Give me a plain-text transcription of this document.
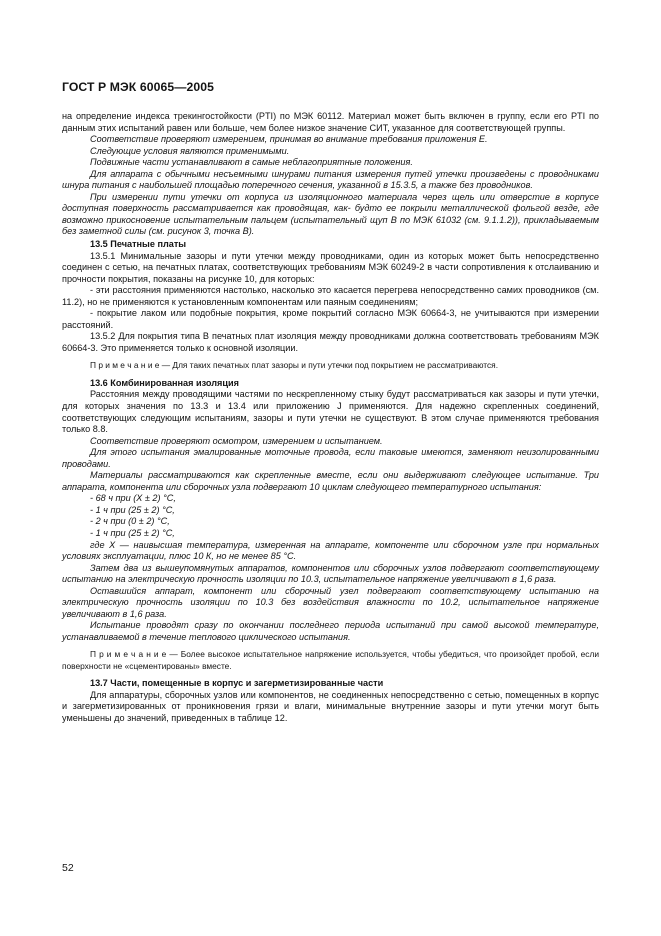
ГОСТ Р МЭК 60065—2005

на определение индекса трекингостойкости (PTI) по МЭК 60112. Материал может быть включен в группу, если его PTI по данным этих испытаний равен или больше, чем более низкое значение СИТ, указанное для соответствующей группы.

Соответствие проверяют измерением, принимая во внимание требования приложения Е.

Следующие условия являются применимыми.

Подвижные части устанавливают в самые неблагоприятные положения.

Для аппарата с обычными несъемными шнурами питания измерения путей утечки произведены с проводниками шнура питания с наибольшей площадью поперечного сечения, указанной в 15.3.5, а также без проводников.

При измерении пути утечки от корпуса из изоляционного материала через щель или отверстие в корпусе доступная поверхность рассматривается как проводящая, как- будто ее покрыли металлической фольгой везде, где возможно прикосновение испытательным пальцем (испытательный щуп В по МЭК 61032 (см. 9.1.1.2)), прикладываемым без заметной силы (см. рисунок 3, точка В).

13.5 Печатные платы

13.5.1 Минимальные зазоры и пути утечки между проводниками, один из которых может быть непосредственно соединен с сетью, на печатных платах, соответствующих требованиям МЭК 60249-2 в части сопротивления к отслаиванию и прочности покрытия, показаны на рисунке 10, для которых:

- эти расстояния применяются настолько, насколько это касается перегрева непосредственно самих проводников (см. 11.2), но не применяются к установленным компонентам или паяным соединениям;

- покрытие лаком или подобные покрытия, кроме покрытий согласно МЭК 60664-3, не учитываются при измерении расстояний.

13.5.2 Для покрытия типа В печатных плат изоляция между проводниками должна соответствовать требованиям МЭК 60664-3. Это применяется только к основной изоляции.

П р и м е ч а н и е — Для таких печатных плат зазоры и пути утечки под покрытием не рассматриваются.

13.6 Комбинированная изоляция

Расстояния между проводящими частями по нескрепленному стыку будут рассматриваться как зазоры и пути утечки, для которых значения по 13.3 и 13.4 или приложению J применяются. Для надежно скрепленных соединений, соответствующих следующим испытаниям, зазоры и пути утечки не существуют. В этом случае применяются требования только 8.8.

Соответствие проверяют осмотром, измерением и испытанием.

Для этого испытания эмалированные моточные провода, если таковые имеются, заменяют неизолированными проводами.

Материалы рассматриваются как скрепленные вместе, если они выдерживают следующее испытание. Три аппарата, компонента или сборочных узла подвергают 10 циклам следующего температурного испытания:

- 68 ч при (Х ± 2) °С,

- 1 ч при (25 ± 2) °С,

- 2 ч при (0 ± 2) °С,

- 1 ч при (25 ± 2) °С,

где Х — наивысшая температура, измеренная на аппарате, компоненте или сборочном узле при нормальных условиях эксплуатации, плюс 10 К, но не менее 85 °С.

Затем два из вышеупомянутых аппаратов, компонентов или сборочных узлов подвергают соответствующему испытанию на электрическую прочность изоляции по 10.3, испытательное напряжение увеличивают в 1,6 раза.

Оставшийся аппарат, компонент или сборочный узел подвергают соответствующему испытанию на электрическую прочность изоляции по 10.3 без воздействия влажности по 10.2, испытательное напряжение увеличивают в 1,6 раза.

Испытание проводят сразу по окончании последнего периода испытаний при самой высокой температуре, устанавливаемой в течение теплового циклического испытания.

П р и м е ч а н и е — Более высокое испытательное напряжение используется, чтобы убедиться, что произойдет пробой, если поверхности не «сцементированы» вместе.

13.7 Части, помещенные в корпус и загерметизированные части

Для аппаратуры, сборочных узлов или компонентов, не соединенных непосредственно с сетью, помещенных в корпус и загерметизированных от проникновения грязи и влаги, минимальные внутренние зазоры и пути утечки могут быть уменьшены до значений, приведенных в таблице 12.

52
